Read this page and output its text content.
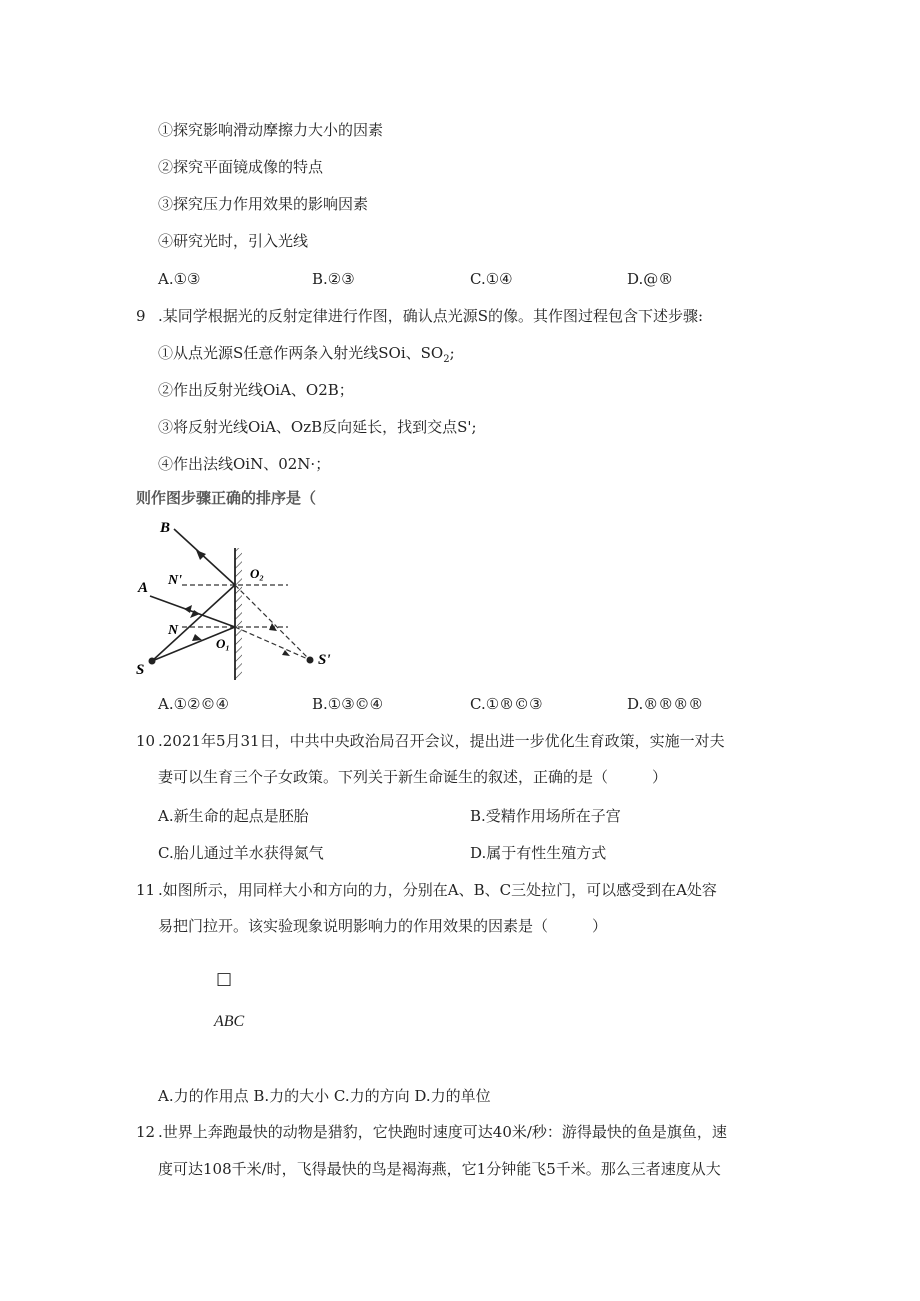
①探究影响滑动摩擦力大小的因素
②探究平面镜成像的特点
③探究压力作用效果的影响因素
④研究光时，引入光线
A.①③	B.②③	C.①④	D.@®
9 .某同学根据光的反射定律进行作图，确认点光源S的像。其作图过程包含下述步骤:
①从点光源S任意作两条入射光线SOi、$SO_2$;
②作出反射光线OiA、O2B；
③将反射光线OiA、OzB反向延长，找到交点S';
④作出法线OiN、02N·；
则作图步骤正确的排序是（
B
A N'
N
O₂
O₁
S
S'
A.①②©④	B.①③©④	C.①®©③	D.®®®®
10 .2021年5月31日，中共中央政治局召开会议，提出进一步优化生育政策，实施一对夫
妻可以生育三个子女政策。下列关于新生命诞生的叙述，正确的是（	）
A.新生命的起点是胚胎	B.受精作用场所在子宫
C.胎儿通过羊水获得氮气	D.属于有性生殖方式
11 .如图所示，用同样大小和方向的力，分别在A、B、C三处拉门，可以感受到在A处容
易把门拉开。该实验现象说明影响力的作用效果的因素是（	）
□
ABC
A.力的作用点 B.力的大小 C.力的方向 D.力的单位
12 .世界上奔跑最快的动物是猎豹，它快跑时速度可达40米/秒：游得最快的鱼是旗鱼，速
度可达108千米/时，飞得最快的鸟是褐海燕，它1分钟能飞5千米。那么三者速度从大
